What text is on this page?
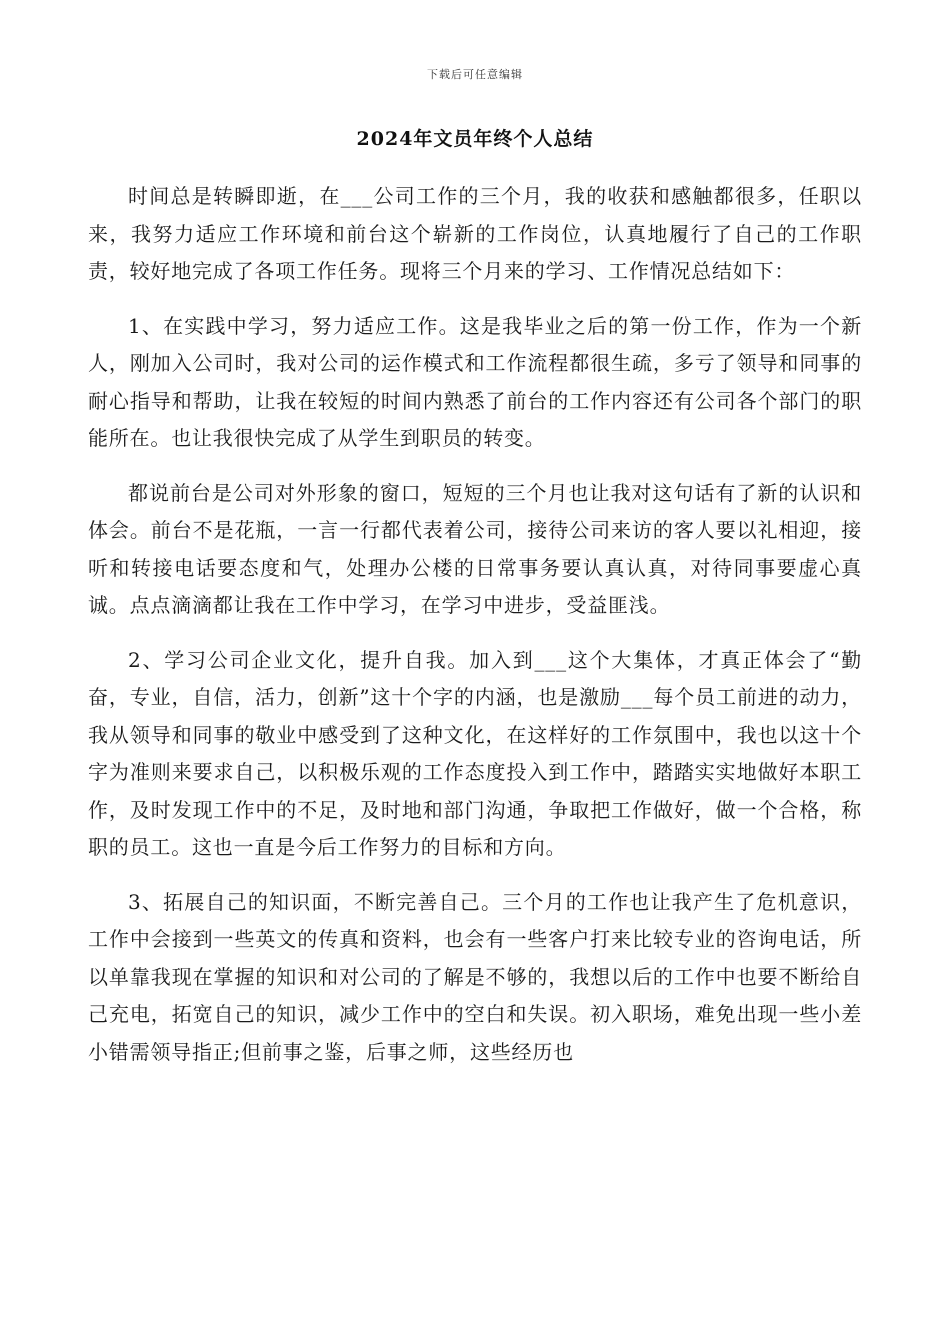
下载后可任意编辑
2024年文员年终个人总结

时间总是转瞬即逝，在___公司工作的三个月，我的收获和感触都很多，任职以来，我努力适应工作环境和前台这个崭新的工作岗位，认真地履行了自己的工作职责，较好地完成了各项工作任务。现将三个月来的学习、工作情况总结如下：

1、在实践中学习，努力适应工作。这是我毕业之后的第一份工作，作为一个新人，刚加入公司时，我对公司的运作模式和工作流程都很生疏，多亏了领导和同事的耐心指导和帮助，让我在较短的时间内熟悉了前台的工作内容还有公司各个部门的职能所在。也让我很快完成了从学生到职员的转变。

都说前台是公司对外形象的窗口，短短的三个月也让我对这句话有了新的认识和体会。前台不是花瓶，一言一行都代表着公司，接待公司来访的客人要以礼相迎，接听和转接电话要态度和气，处理办公楼的日常事务要认真认真，对待同事要虚心真诚。点点滴滴都让我在工作中学习，在学习中进步，受益匪浅。

2、学习公司企业文化，提升自我。加入到___这个大集体，才真正体会了“勤奋，专业，自信，活力，创新”这十个字的内涵，也是激励___每个员工前进的动力，我从领导和同事的敬业中感受到了这种文化，在这样好的工作氛围中，我也以这十个字为准则来要求自己，以积极乐观的工作态度投入到工作中，踏踏实实地做好本职工作，及时发现工作中的不足，及时地和部门沟通，争取把工作做好，做一个合格，称职的员工。这也一直是今后工作努力的目标和方向。

3、拓展自己的知识面，不断完善自己。三个月的工作也让我产生了危机意识，工作中会接到一些英文的传真和资料，也会有一些客户打来比较专业的咨询电话，所以单靠我现在掌握的知识和对公司的了解是不够的，我想以后的工作中也要不断给自己充电，拓宽自己的知识，减少工作中的空白和失误。初入职场，难免出现一些小差小错需领导指正;但前事之鉴，后事之师，这些经历也
